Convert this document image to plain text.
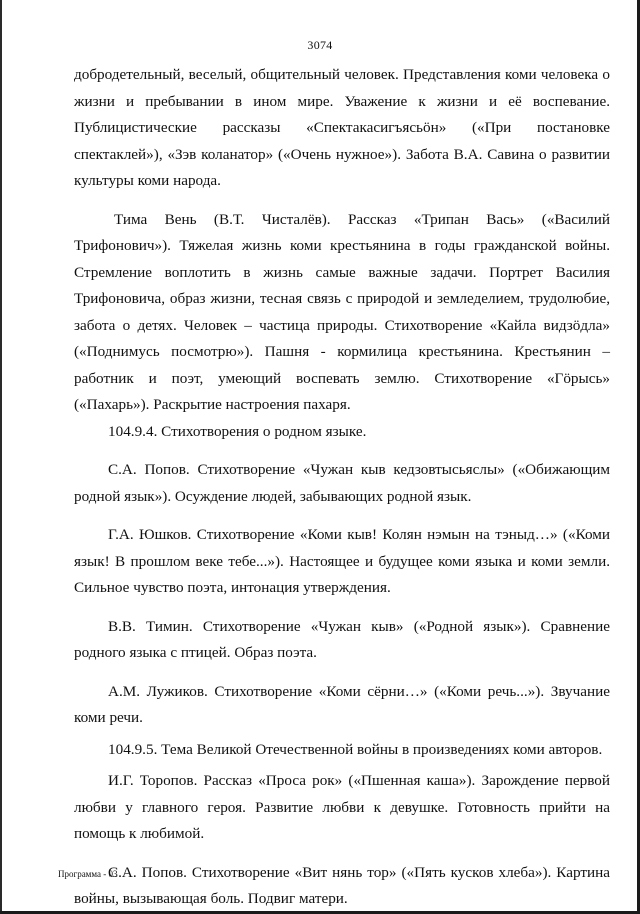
3074

добродетельный, веселый, общительный человек. Представления коми человека о жизни и пребывании в ином мире. Уважение к жизни и её воспевание. Публицистические рассказы «Спектакасигъясьӧн» («При постановке спектаклей»), «Зэв коланатор» («Очень нужное»). Забота В.А. Савина о развитии культуры коми народа.

Тима Вень (В.Т. Чисталёв). Рассказ «Трипан Вась» («Василий Трифонович»). Тяжелая жизнь коми крестьянина в годы гражданской войны. Стремление воплотить в жизнь самые важные задачи. Портрет Василия Трифоновича, образ жизни, тесная связь с природой и земледелием, трудолюбие, забота о детях. Человек – частица природы. Стихотворение «Кайла видзӧдла» («Поднимусь посмотрю»). Пашня - кормилица крестьянина. Крестьянин – работник и поэт, умеющий воспевать землю. Стихотворение «Гӧрысь» («Пахарь»). Раскрытие настроения пахаря.

104.9.4. Стихотворения о родном языке.

С.А. Попов. Стихотворение «Чужан кыв кедзовтысьяслы» («Обижающим родной язык»). Осуждение людей, забывающих родной язык.

Г.А. Юшков. Стихотворение «Коми кыв! Колян нэмын на тэныд…» («Коми язык! В прошлом веке тебе...»). Настоящее и будущее коми языка и коми земли. Сильное чувство поэта, интонация утверждения.

В.В. Тимин. Стихотворение «Чужан кыв» («Родной язык»). Сравнение родного языка с птицей. Образ поэта.

А.М. Лужиков. Стихотворение «Коми сёрни…» («Коми речь...»). Звучание коми речи.

104.9.5. Тема Великой Отечественной войны в произведениях коми авторов.

И.Г. Торопов. Рассказ «Проса рок» («Пшенная каша»). Зарождение первой любви у главного героя. Развитие любви к девушке. Готовность прийти на помощь к любимой.

С.А. Попов. Стихотворение «Вит нянь тор» («Пять кусков хлеба»). Картина войны, вызывающая боль. Подвиг матери.

Программа - 03
